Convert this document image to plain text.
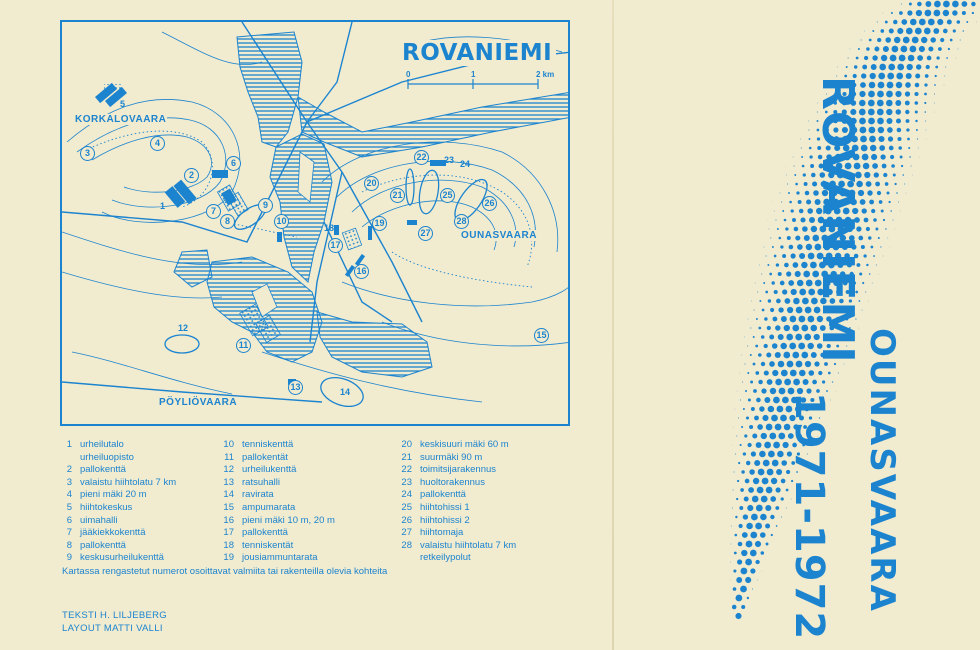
ROVANIEMI
0	1	2 km
KORKALOVAARA
OUNASVAARA
PÖYLIÖVAARA
1
2
3
4
5
6
7
8
9
10
11
12
13	14
15
16
17
18	19
20
21
22 23 24
25
26
27
28
1 urheilutalo
urheiluopisto
2 pallokenttä
3 valaistu hiihtolatu 7 km
4 pieni mäki 20 m
5 hiihtokeskus
6 uimahalli
7 jääkiekkokenttä
8 pallokenttä
9 keskusurheilukenttä
10 tenniskenttä
11 pallokentät
12 urheilukenttä
13 ratsuhalli
14 ravirata
15 ampumarata
16 pieni mäki 10 m, 20 m
17 pallokenttä
18 tenniskentät
19 jousiammuntarata
20 keskisuuri mäki 60 m
21 suurmäki 90 m
22 toimitsijarakennus
23 huoltorakennus
24 pallokenttä
25 hiihtohissi 1
26 hiihtohissi 2
27 hiihtomaja
28 valaistu hiihtolatu 7 km
retkeilypolut
Kartassa rengastetut numerot osoittavat valmiita tai rakenteilla olevia kohteita
TEKSTI H. LILJEBERG
LAYOUT MATTI VALLI
ROVANIEMI
OUNASVAARA
1971-1972
